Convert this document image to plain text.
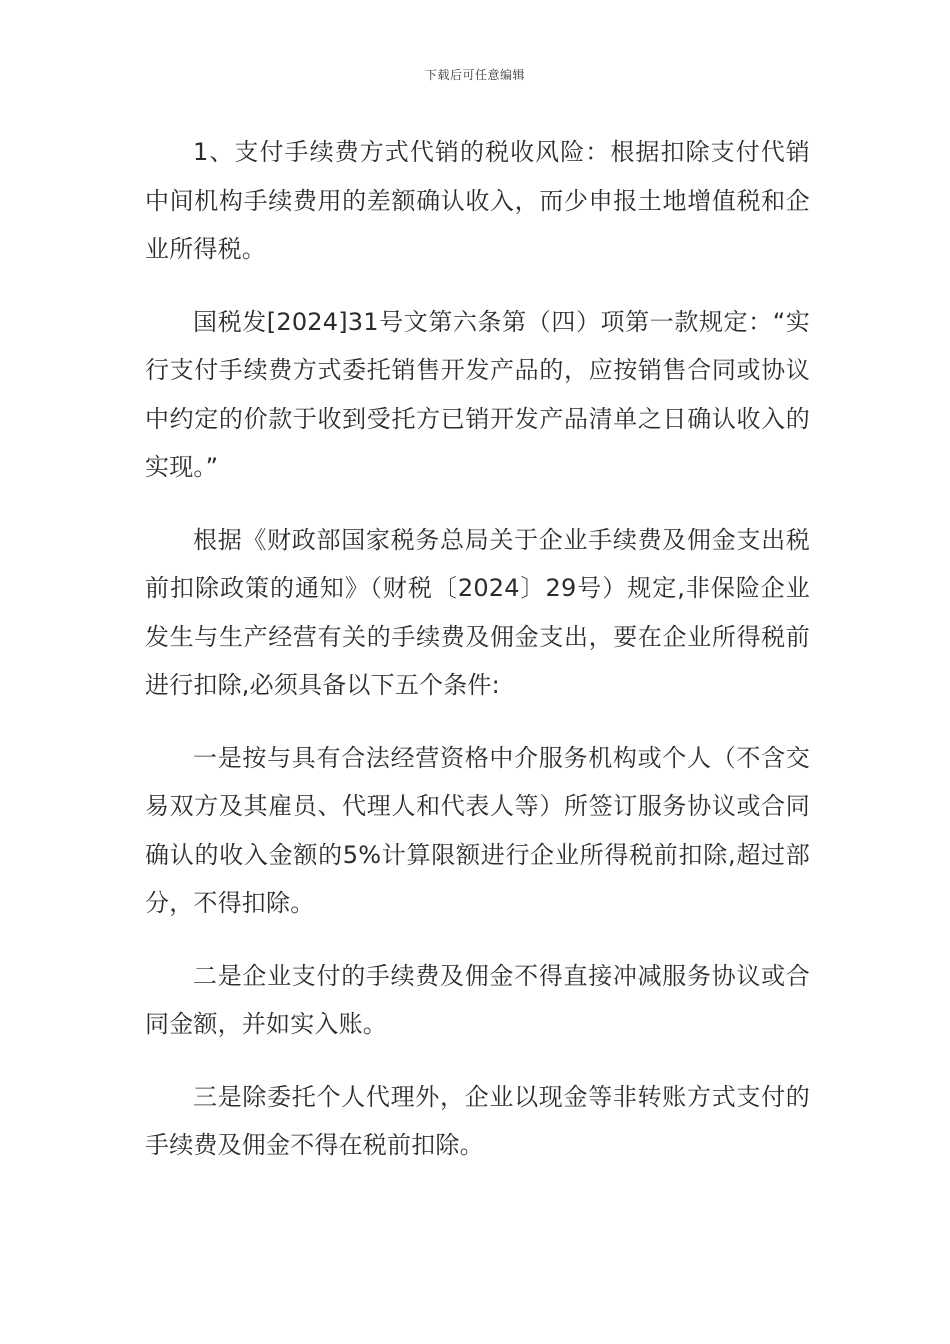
下载后可任意编辑

1、支付手续费方式代销的税收风险：根据扣除支付代销中间机构手续费用的差额确认收入，而少申报土地增值税和企业所得税。

国税发[2024]31号文第六条第（四）项第一款规定：“实行支付手续费方式委托销售开发产品的，应按销售合同或协议中约定的价款于收到受托方已销开发产品清单之日确认收入的实现。”

根据《财政部国家税务总局关于企业手续费及佣金支出税前扣除政策的通知》（财税〔2024〕29号）规定,非保险企业发生与生产经营有关的手续费及佣金支出，要在企业所得税前进行扣除,必须具备以下五个条件:

一是按与具有合法经营资格中介服务机构或个人（不含交易双方及其雇员、代理人和代表人等）所签订服务协议或合同确认的收入金额的5%计算限额进行企业所得税前扣除,超过部分，不得扣除。

二是企业支付的手续费及佣金不得直接冲减服务协议或合同金额，并如实入账。

三是除委托个人代理外，企业以现金等非转账方式支付的手续费及佣金不得在税前扣除。
